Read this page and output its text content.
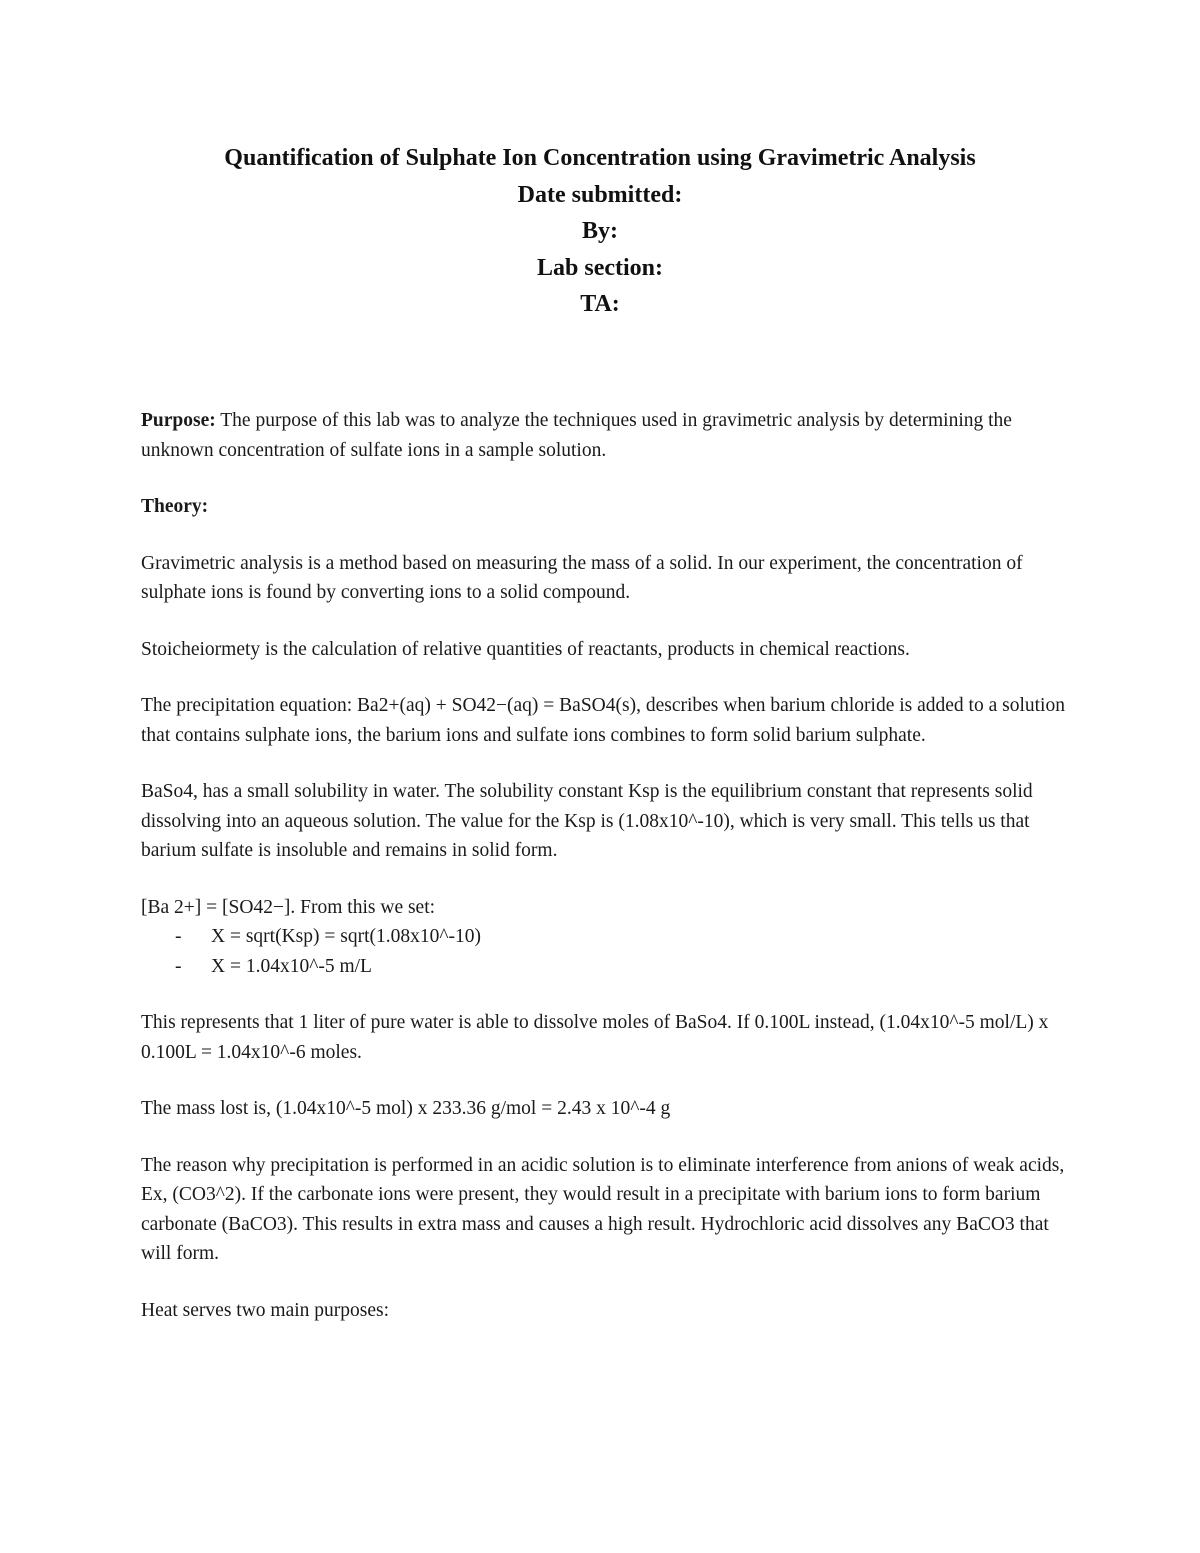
Quantification of Sulphate Ion Concentration using Gravimetric Analysis
Date submitted:
By:
Lab section:
TA:

Purpose: The purpose of this lab was to analyze the techniques used in gravimetric analysis by determining the unknown concentration of sulfate ions in a sample solution.

Theory:

Gravimetric analysis is a method based on measuring the mass of a solid. In our experiment, the concentration of sulphate ions is found by converting ions to a solid compound.

Stoicheiormety is the calculation of relative quantities of reactants, products in chemical reactions.

The precipitation equation: Ba2+(aq) + SO42−(aq) = BaSO4(s), describes when barium chloride is added to a solution that contains sulphate ions, the barium ions and sulfate ions combines to form solid barium sulphate.

BaSo4, has a small solubility in water. The solubility constant Ksp is the equilibrium constant that represents solid dissolving into an aqueous solution. The value for the Ksp is (1.08x10^-10), which is very small. This tells us that barium sulfate is insoluble and remains in solid form.

[Ba 2+] = [SO42−]. From this we set:

- X = sqrt(Ksp) = sqrt(1.08x10^-10)
- X = 1.04x10^-5 m/L

This represents that 1 liter of pure water is able to dissolve moles of BaSo4. If 0.100L instead, (1.04x10^-5 mol/L) x 0.100L = 1.04x10^-6 moles.

The mass lost is, (1.04x10^-5 mol) x 233.36 g/mol = 2.43 x 10^-4 g

The reason why precipitation is performed in an acidic solution is to eliminate interference from anions of weak acids, Ex, (CO3^2). If the carbonate ions were present, they would result in a precipitate with barium ions to form barium carbonate (BaCO3). This results in extra mass and causes a high result. Hydrochloric acid dissolves any BaCO3 that will form.

Heat serves two main purposes:
